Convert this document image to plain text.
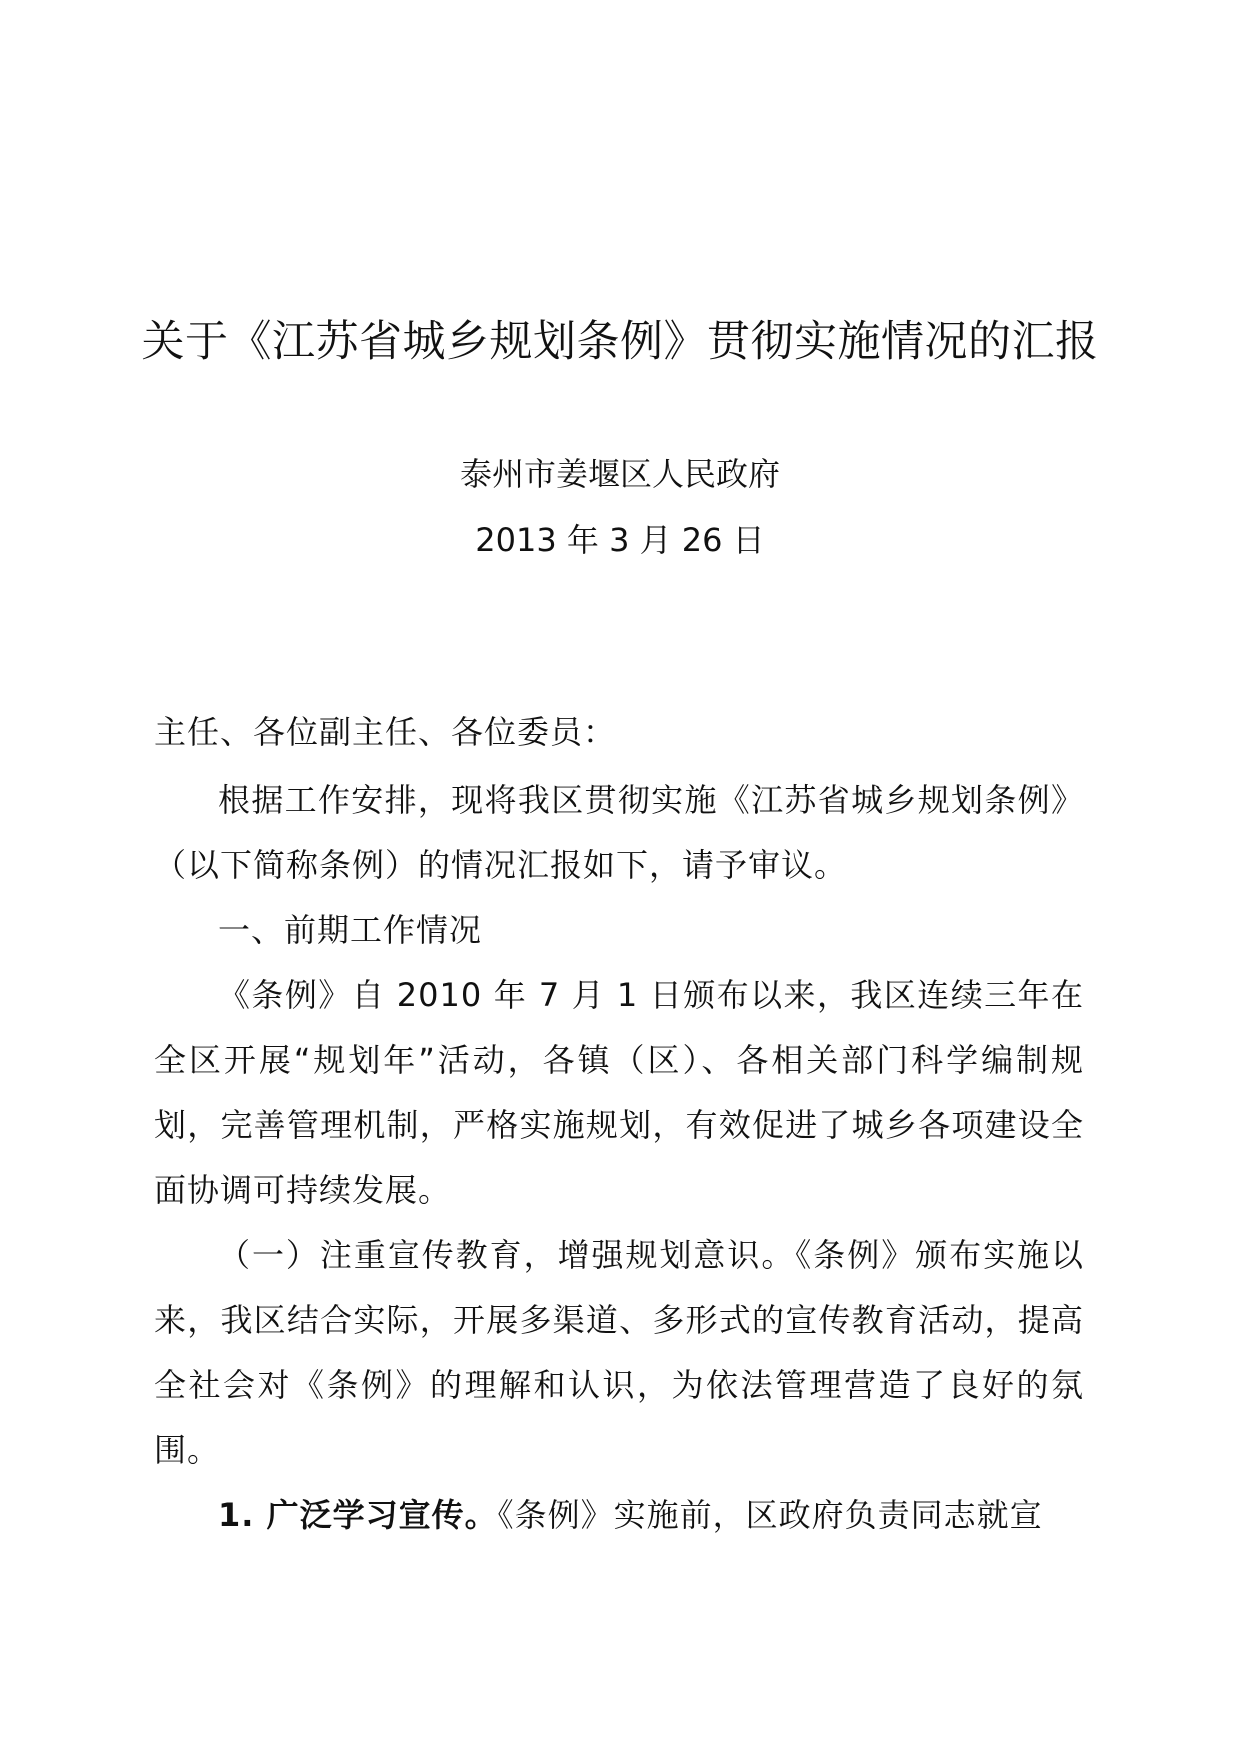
关于《江苏省城乡规划条例》贯彻实施情况的汇报
泰州市姜堰区人民政府
2013 年 3 月 26 日
主任、各位副主任、各位委员：

根据工作安排，现将我区贯彻实施《江苏省城乡规划条例》（以下简称条例）的情况汇报如下，请予审议。

一、前期工作情况

《条例》自 2010 年 7 月 1 日颁布以来，我区连续三年在全区开展“规划年”活动，各镇（区）、各相关部门科学编制规划，完善管理机制，严格实施规划，有效促进了城乡各项建设全面协调可持续发展。

（一）注重宣传教育，增强规划意识。《条例》颁布实施以来，我区结合实际，开展多渠道、多形式的宣传教育活动，提高全社会对《条例》的理解和认识，为依法管理营造了良好的氛围。

1. 广泛学习宣传。《条例》实施前，区政府负责同志就宣
